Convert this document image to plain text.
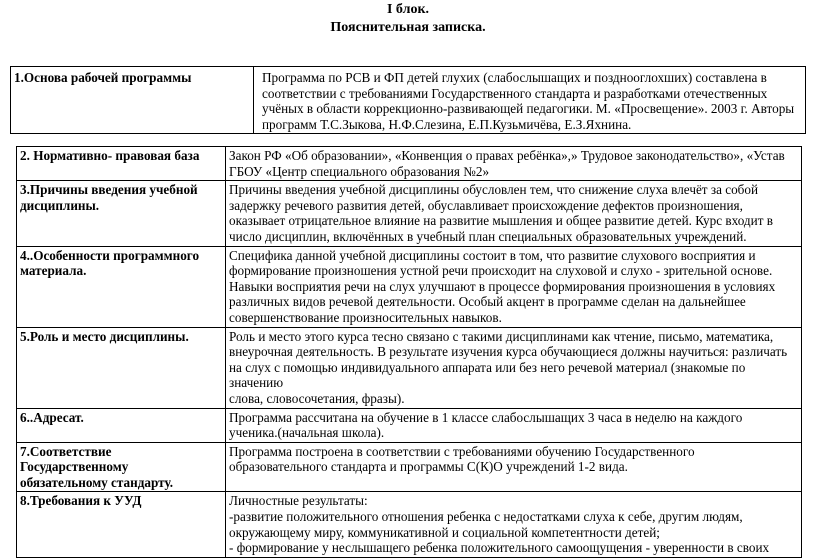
I блок.
Пояснительная записка.
1.Основа рабочей программы	Программа по РСВ и ФП детей глухих (слабослышащих и позднооглохших) составлена в
соответствии с требованиями Государственного стандарта и разработками отечественных
учёных в области коррекционно-развивающей педагогики. М. «Просвещение». 2003 г. Авторы
программ Т.С.Зыкова, Н.Ф.Слезина, Е.П.Кузьмичёва, Е.З.Яхнина.
2. Нормативно- правовая база	Закон РФ «Об образовании», «Конвенция о правах ребёнка»,» Трудовое законодательство», «Устав
ГБОУ «Центр специального образования №2»

3.Причины введения учебной
дисциплины.	Причины введения учебной дисциплины обусловлен тем, что снижение слуха влечёт за собой
задержку речевого развития детей, обуславливает происхождение дефектов произношения,
оказывает отрицательное влияние на развитие мышления и общее развитие детей. Курс входит в
число дисциплин, включённых в учебный план специальных образовательных учреждений.

4..Особенности программного
материала.	Специфика данной учебной дисциплины состоит в том, что развитие слухового восприятия и
формирование произношения устной речи происходит на слуховой и слухо - зрительной основе.
Навыки восприятия речи на слух улучшают в процессе формирования произношения в условиях
различных видов речевой деятельности. Особый акцент в программе сделан на дальнейшее
совершенствование произносительных навыков.

5.Роль и место дисциплины.	Роль и место этого курса тесно связано с такими дисциплинами как чтение, письмо, математика,
внеурочная деятельность. В результате изучения курса обучающиеся должны научиться: различать
на слух с помощью индивидуального аппарата или без него речевой материал (знакомые по значению
слова, словосочетания, фразы).

6..Адресат.	Программа рассчитана на обучение в 1 классе слабослышащих 3 часа в неделю на каждого
ученика.(начальная школа).

7.Соответствие
Государственному
обязательному стандарту.	Программа построена в соответствии с требованиями обучению Государственного
образовательного стандарта и программы С(К)О учреждений 1-2 вида.

8.Требования к УУД	Личностные результаты:
-развитие положительного отношения ребенка с недостатками слуха к себе, другим людям,
окружающему миру, коммуникативной и социальной компетентности детей;
- формирование у неслышащего ребенка положительного самоощущения - уверенности в своих
